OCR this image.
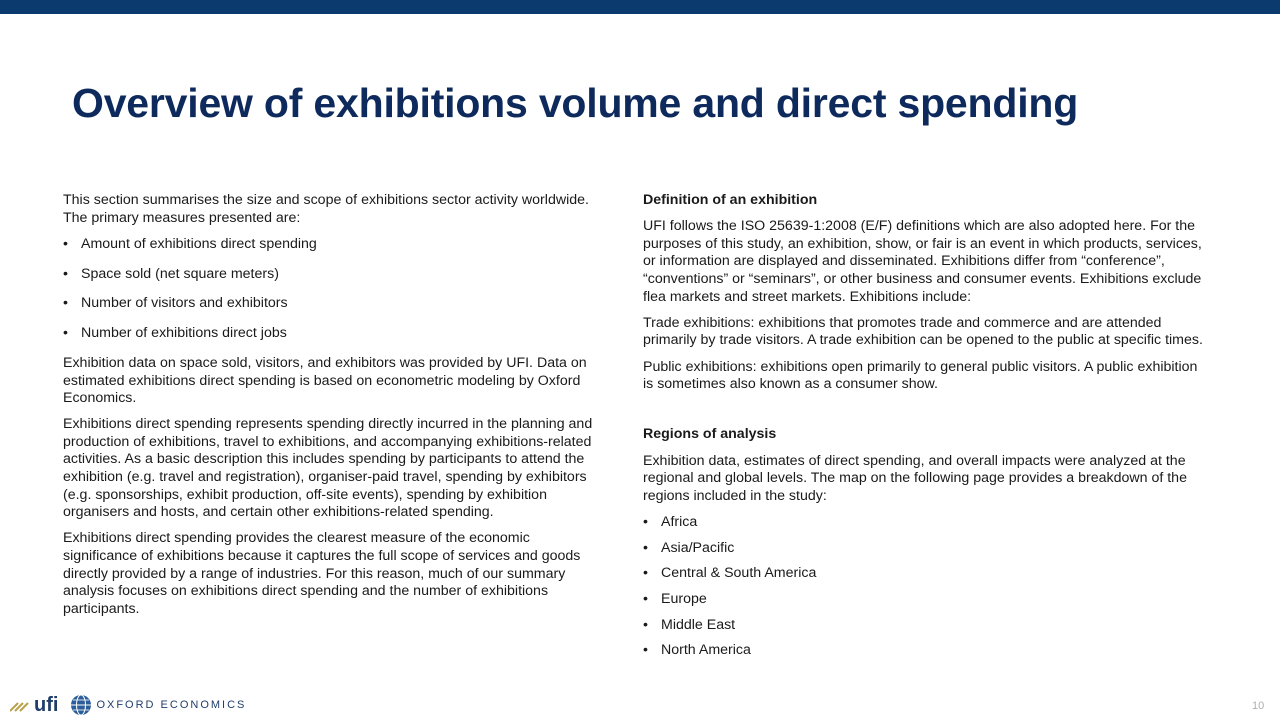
Overview of exhibitions volume and direct spending

This section summarises the size and scope of exhibitions sector activity worldwide. The primary measures presented are:

• Amount of exhibitions direct spending
• Space sold (net square meters)
• Number of visitors and exhibitors
• Number of exhibitions direct jobs

Exhibition data on space sold, visitors, and exhibitors was provided by UFI. Data on estimated exhibitions direct spending is based on econometric modeling by Oxford Economics.

Exhibitions direct spending represents spending directly incurred in the planning and production of exhibitions, travel to exhibitions, and accompanying exhibitions-related activities. As a basic description this includes spending by participants to attend the exhibition (e.g. travel and registration), organiser-paid travel, spending by exhibitors (e.g. sponsorships, exhibit production, off-site events), spending by exhibition organisers and hosts, and certain other exhibitions-related spending.

Exhibitions direct spending provides the clearest measure of the economic significance of exhibitions because it captures the full scope of services and goods directly provided by a range of industries. For this reason, much of our summary analysis focuses on exhibitions direct spending and the number of exhibitions participants.

Definition of an exhibition

UFI follows the ISO 25639-1:2008 (E/F) definitions which are also adopted here. For the purposes of this study, an exhibition, show, or fair is an event in which products, services, or information are displayed and disseminated. Exhibitions differ from “conference”, “conventions” or “seminars”, or other business and consumer events. Exhibitions exclude flea markets and street markets. Exhibitions include:

Trade exhibitions: exhibitions that promotes trade and commerce and are attended primarily by trade visitors. A trade exhibition can be opened to the public at specific times.

Public exhibitions: exhibitions open primarily to general public visitors. A public exhibition is sometimes also known as a consumer show.

Regions of analysis

Exhibition data, estimates of direct spending, and overall impacts were analyzed at the regional and global levels. The map on the following page provides a breakdown of the regions included in the study:

• Africa
• Asia/Pacific
• Central & South America
• Europe
• Middle East
• North America
ufi	OXFORD ECONOMICS	10
